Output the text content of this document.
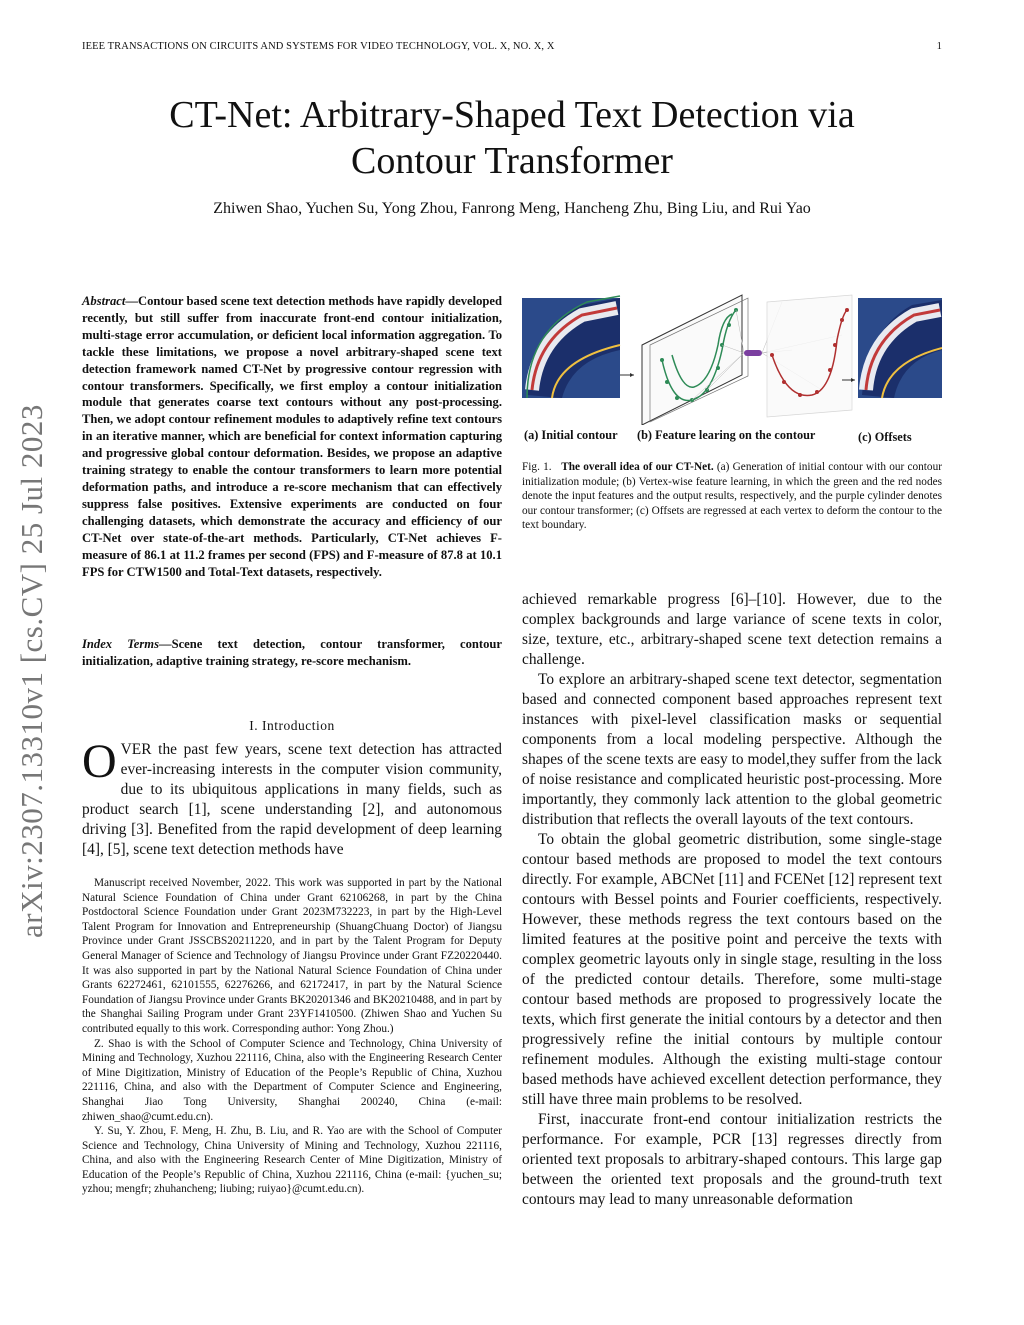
IEEE TRANSACTIONS ON CIRCUITS AND SYSTEMS FOR VIDEO TECHNOLOGY, VOL. X, NO. X, X	1
CT-Net: Arbitrary-Shaped Text Detection via
Contour Transformer
Zhiwen Shao, Yuchen Su, Yong Zhou, Fanrong Meng, Hancheng Zhu, Bing Liu, and Rui Yao
arXiv:2307.13310v1 [cs.CV] 25 Jul 2023
Abstract—Contour based scene text detection methods have rapidly developed recently, but still suffer from inaccurate front-end contour initialization, multi-stage error accumulation, or deficient local information aggregation. To tackle these limitations, we propose a novel arbitrary-shaped scene text detection framework named CT-Net by progressive contour regression with contour transformers. Specifically, we first employ a contour initialization module that generates coarse text contours without any post-processing. Then, we adopt contour refinement modules to adaptively refine text contours in an iterative manner, which are beneficial for context information capturing and progressive global contour deformation. Besides, we propose an adaptive training strategy to enable the contour transformers to learn more potential deformation paths, and introduce a re-score mechanism that can effectively suppress false positives. Extensive experiments are conducted on four challenging datasets, which demonstrate the accuracy and efficiency of our CT-Net over state-of-the-art methods. Particularly, CT-Net achieves F-measure of 86.1 at 11.2 frames per second (FPS) and F-measure of 87.8 at 10.1 FPS for CTW1500 and Total-Text datasets, respectively.
Index Terms—Scene text detection, contour transformer, contour initialization, adaptive training strategy, re-score mechanism.
I. Introduction
OVER the past few years, scene text detection has attracted ever-increasing interests in the computer vision community, due to its ubiquitous applications in many fields, such as product search [1], scene understanding [2], and autonomous driving [3]. Benefited from the rapid development of deep learning [4], [5], scene text detection methods have

Manuscript received November, 2022. This work was supported in part by the National Natural Science Foundation of China under Grant 62106268, in part by the China Postdoctoral Science Foundation under Grant 2023M732223, in part by the High-Level Talent Program for Innovation and Entrepreneurship (ShuangChuang Doctor) of Jiangsu Province under Grant JSSCBS20211220, and in part by the Talent Program for Deputy General Manager of Science and Technology of Jiangsu Province under Grant FZ20220440. It was also supported in part by the National Natural Science Foundation of China under Grants 62272461, 62101555, 62276266, and 62172417, in part by the Natural Science Foundation of Jiangsu Province under Grants BK20201346 and BK20210488, and in part by the Shanghai Sailing Program under Grant 23YF1410500. (Zhiwen Shao and Yuchen Su contributed equally to this work. Corresponding author: Yong Zhou.)

Z. Shao is with the School of Computer Science and Technology, China University of Mining and Technology, Xuzhou 221116, China, also with the Engineering Research Center of Mine Digitization, Ministry of Education of the People’s Republic of China, Xuzhou 221116, China, and also with the Department of Computer Science and Engineering, Shanghai Jiao Tong University, Shanghai 200240, China (e-mail: zhiwen_shao@cumt.edu.cn).

Y. Su, Y. Zhou, F. Meng, H. Zhu, B. Liu, and R. Yao are with the School of Computer Science and Technology, China University of Mining and Technology, Xuzhou 221116, China, and also with the Engineering Research Center of Mine Digitization, Ministry of Education of the People’s Republic of China, Xuzhou 221116, China (e-mail: {yuchen_su; yzhou; mengfr; zhuhancheng; liubing; ruiyao}@cumt.edu.cn).

(a) Initial contour (b) Feature learing on the contour	(c) Offsets
Fig. 1. The overall idea of our CT-Net. (a) Generation of initial contour with our contour initialization module; (b) Vertex-wise feature learning, in which the green and the red nodes denote the input features and the output results, respectively, and the purple cylinder denotes our contour transformer; (c) Offsets are regressed at each vertex to deform the contour to the text boundary.

achieved remarkable progress [6]–[10]. However, due to the complex backgrounds and large variance of scene texts in color, size, texture, etc., arbitrary-shaped scene text detection remains a challenge.

To explore an arbitrary-shaped scene text detector, segmentation based and connected component based approaches represent text instances with pixel-level classification masks or sequential components from a local modeling perspective. Although the shapes of the scene texts are easy to model,they suffer from the lack of noise resistance and complicated heuristic post-processing. More importantly, they commonly lack attention to the global geometric distribution that reflects the overall layouts of the text contours.

To obtain the global geometric distribution, some single-stage contour based methods are proposed to model the text contours directly. For example, ABCNet [11] and FCENet [12] represent text contours with Bessel points and Fourier coefficients, respectively. However, these methods regress the text contours based on the limited features at the positive point and perceive the texts with complex geometric layouts only in single stage, resulting in the loss of the predicted contour details. Therefore, some multi-stage contour based methods are proposed to progressively locate the texts, which first generate the initial contours by a detector and then progressively refine the initial contours by multiple contour refinement modules. Although the existing multi-stage contour based methods have achieved excellent detection performance, they still have three main problems to be resolved.

First, inaccurate front-end contour initialization restricts the performance. For example, PCR [13] regresses directly from oriented text proposals to arbitrary-shaped contours. This large gap between the oriented text proposals and the ground-truth text contours may lead to many unreasonable deformation
